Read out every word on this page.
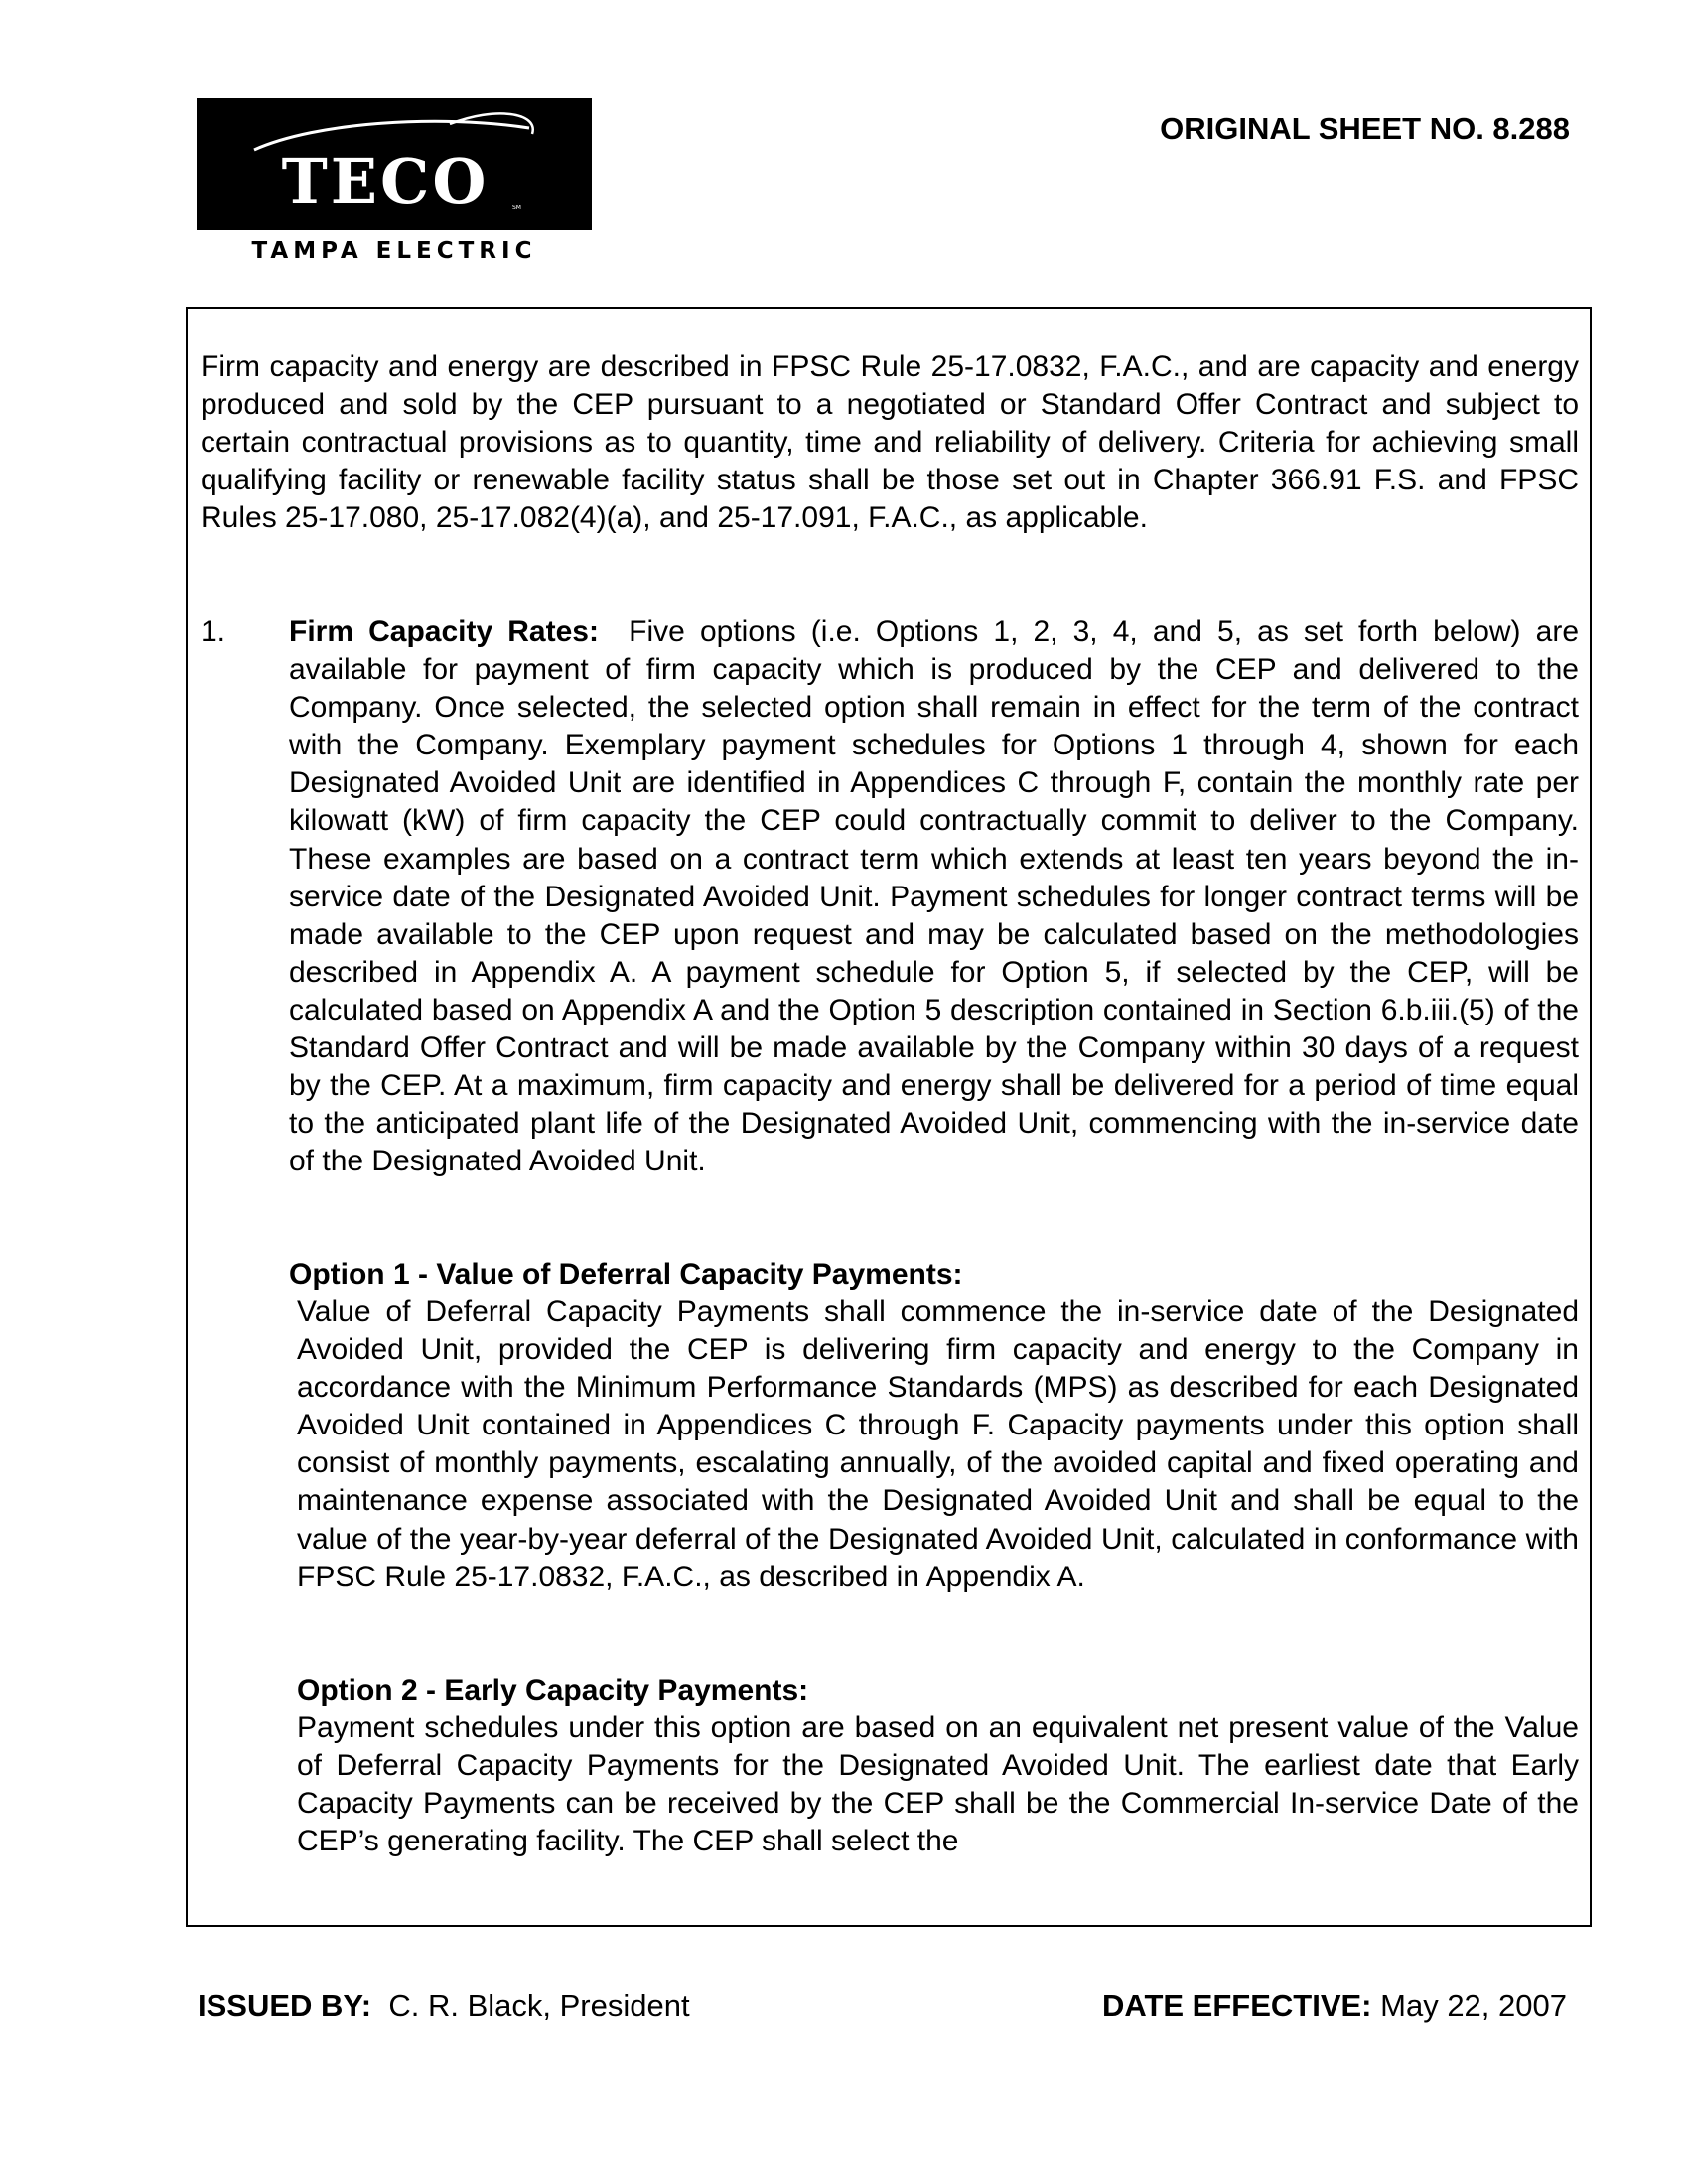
TECO	SM
TAMPA ELECTRIC
ORIGINAL SHEET NO. 8.288

Firm capacity and energy are described in FPSC Rule 25-17.0832, F.A.C., and are capacity and energy produced and sold by the CEP pursuant to a negotiated or Standard Offer Contract and subject to certain contractual provisions as to quantity, time and reliability of delivery. Criteria for achieving small qualifying facility or renewable facility status shall be those set out in Chapter 366.91 F.S. and FPSC Rules 25-17.080, 25-17.082(4)(a), and 25-17.091, F.A.C., as applicable.

1. Firm Capacity Rates: Five options (i.e. Options 1, 2, 3, 4, and 5, as set forth below) are available for payment of firm capacity which is produced by the CEP and delivered to the Company. Once selected, the selected option shall remain in effect for the term of the contract with the Company. Exemplary payment schedules for Options 1 through 4, shown for each Designated Avoided Unit are identified in Appendices C through F, contain the monthly rate per kilowatt (kW) of firm capacity the CEP could contractually commit to deliver to the Company. These examples are based on a contract term which extends at least ten years beyond the in-service date of the Designated Avoided Unit. Payment schedules for longer contract terms will be made available to the CEP upon request and may be calculated based on the methodologies described in Appendix A. A payment schedule for Option 5, if selected by the CEP, will be calculated based on Appendix A and the Option 5 description contained in Section 6.b.iii.(5) of the Standard Offer Contract and will be made available by the Company within 30 days of a request by the CEP. At a maximum, firm capacity and energy shall be delivered for a period of time equal to the anticipated plant life of the Designated Avoided Unit, commencing with the in-service date of the Designated Avoided Unit.

Option 1 - Value of Deferral Capacity Payments:

Value of Deferral Capacity Payments shall commence the in-service date of the Designated Avoided Unit, provided the CEP is delivering firm capacity and energy to the Company in accordance with the Minimum Performance Standards (MPS) as described for each Designated Avoided Unit contained in Appendices C through F. Capacity payments under this option shall consist of monthly payments, escalating annually, of the avoided capital and fixed operating and maintenance expense associated with the Designated Avoided Unit and shall be equal to the value of the year-by-year deferral of the Designated Avoided Unit, calculated in conformance with FPSC Rule 25-17.0832, F.A.C., as described in Appendix A.

Option 2 - Early Capacity Payments:

Payment schedules under this option are based on an equivalent net present value of the Value of Deferral Capacity Payments for the Designated Avoided Unit. The earliest date that Early Capacity Payments can be received by the CEP shall be the Commercial In-service Date of the CEP’s generating facility. The CEP shall select the

ISSUED BY: C. R. Black, President	DATE EFFECTIVE: May 22, 2007
